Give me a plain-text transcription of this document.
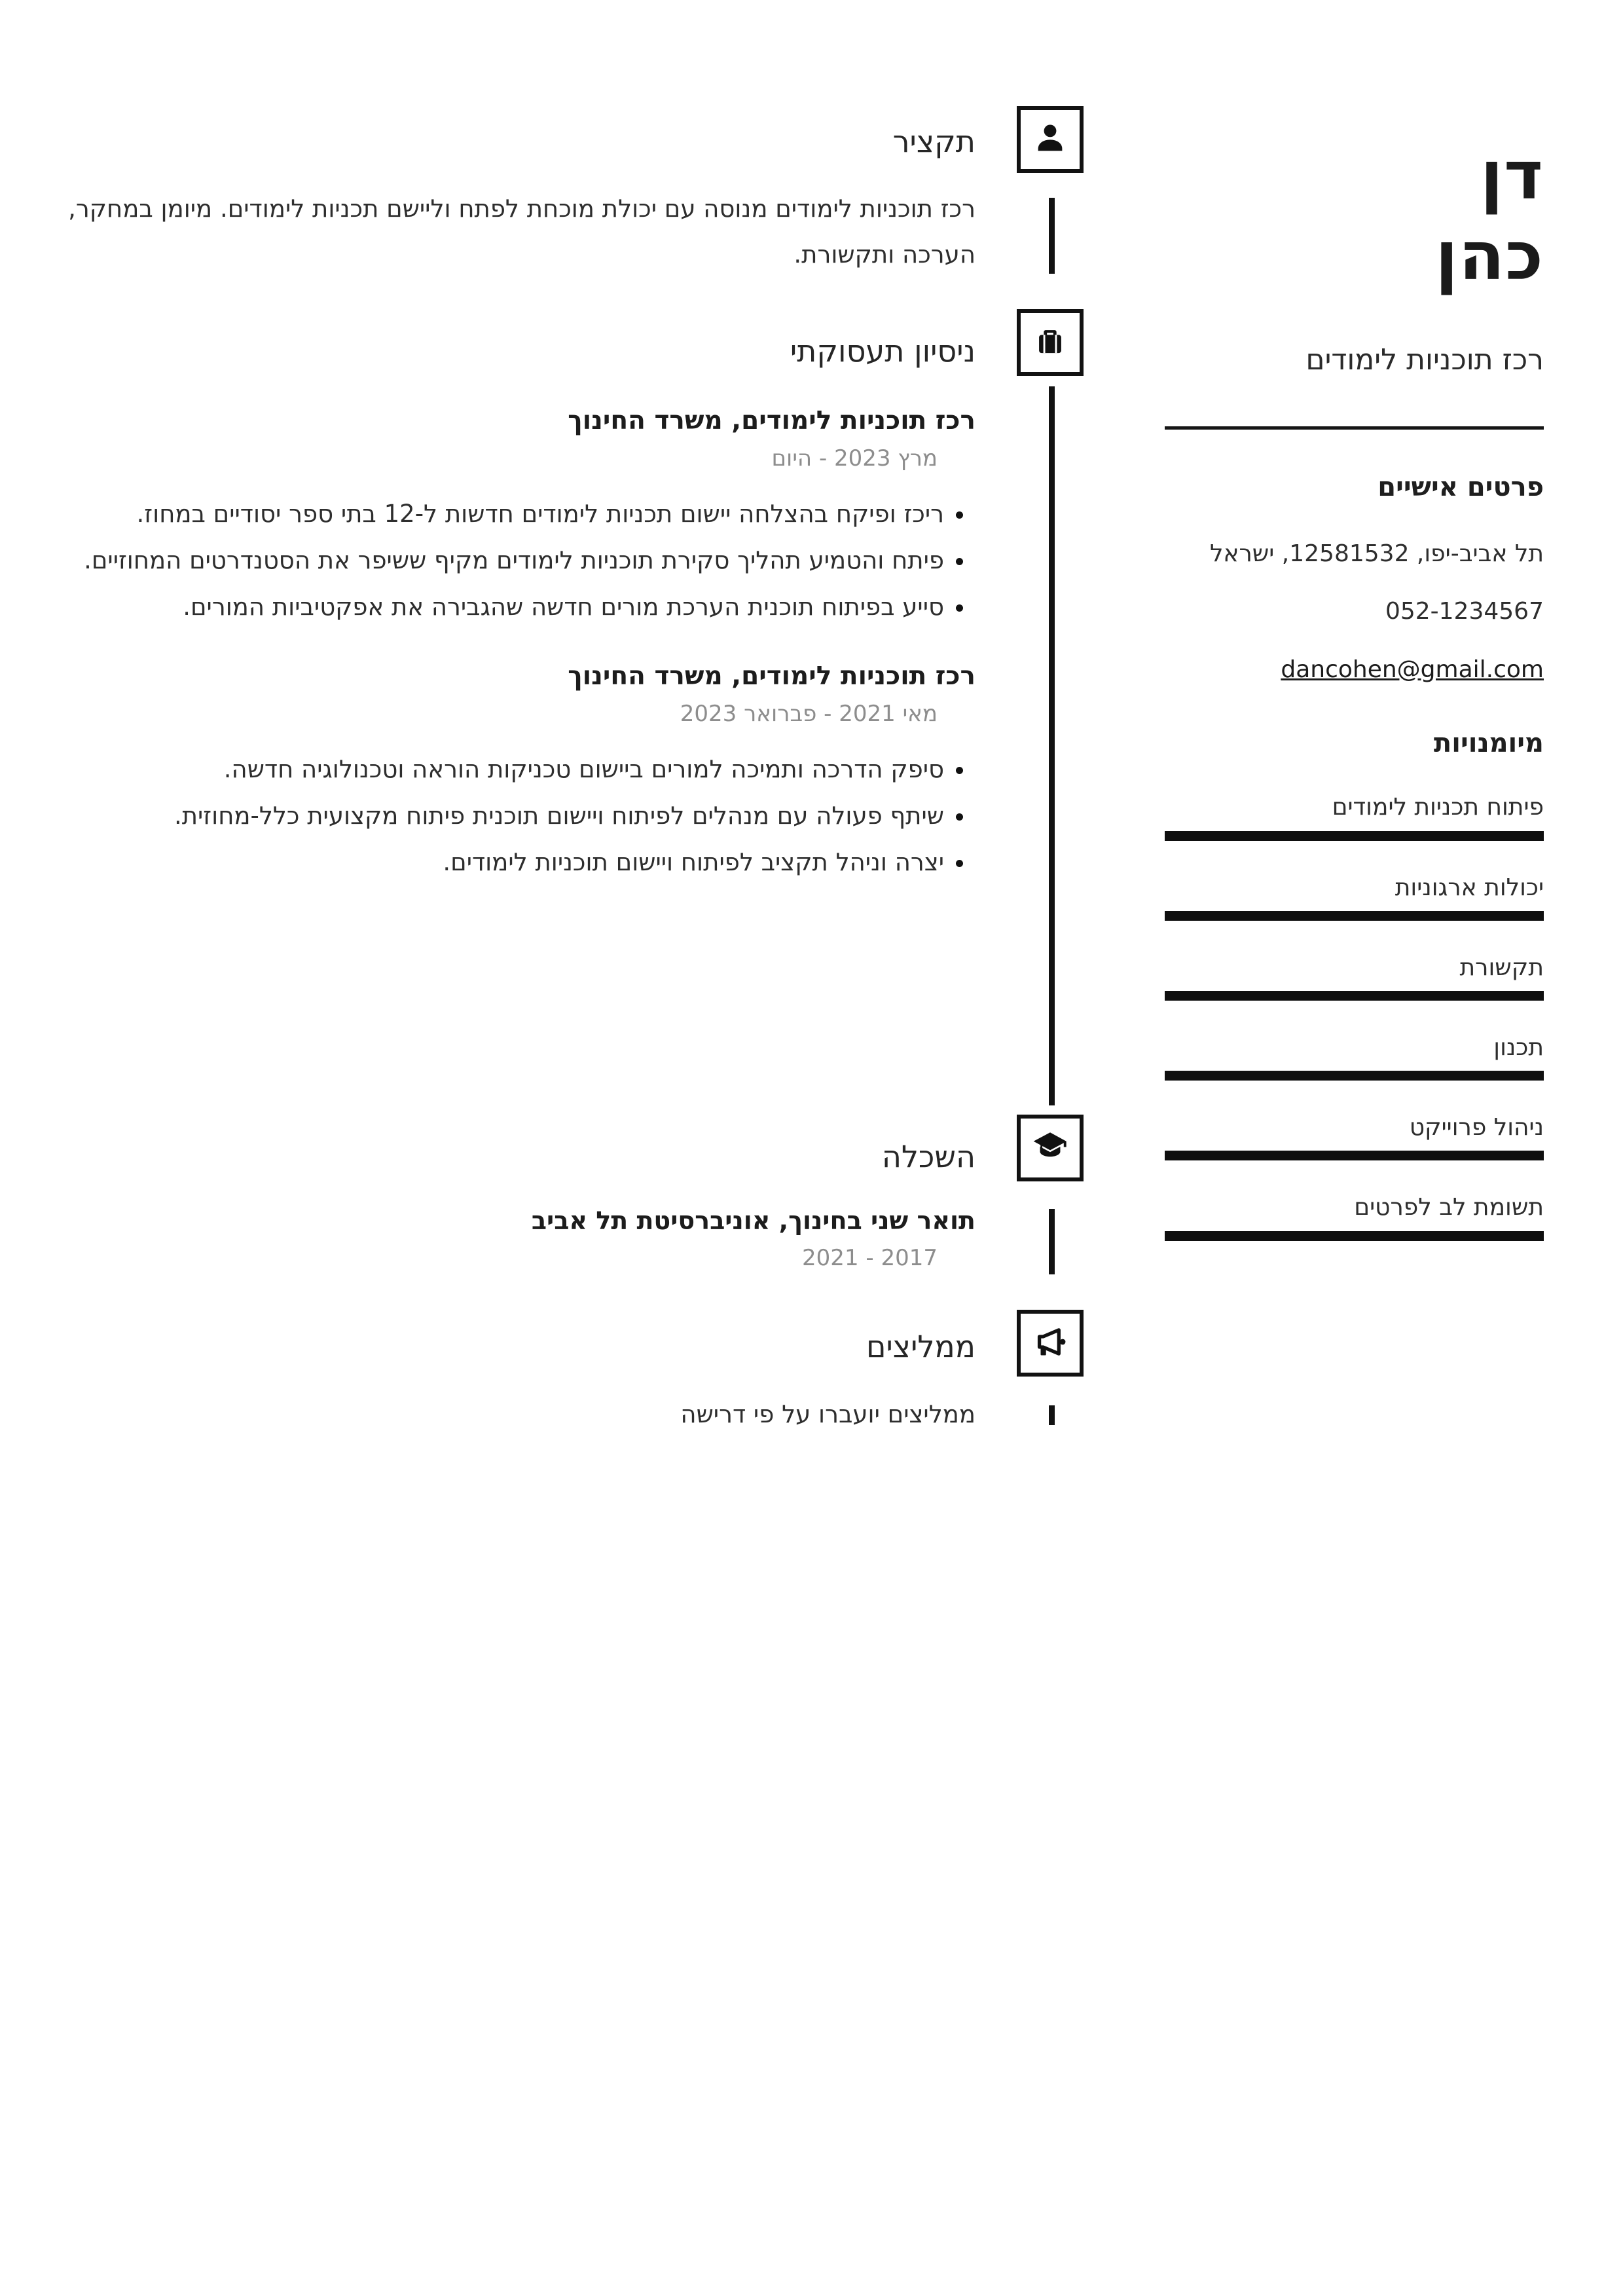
דן
כהן
רכז תוכניות לימודים
פרטים אישיים
תל אביב-יפו, 12581532, ישראל
052-1234567
dancohen@gmail.com
מיומנויות
פיתוח תכניות לימודים
יכולות ארגוניות
תקשורת
תכנון
ניהול פרוייקט
תשומת לב לפרטים
תקציר

רכז תוכניות לימודים מנוסה עם יכולת מוכחת לפתח וליישם תכניות לימודים. מיומן במחקר, הערכה ותקשורת.

ניסיון תעסוקתי
רכז תוכניות לימודים, משרד החינוך
מרץ 2023 - היום
• ריכז ופיקח בהצלחה יישום תכניות לימודים חדשות ל-12 בתי ספר יסודיים במחוז.
• פיתח והטמיע תהליך סקירת תוכניות לימודים מקיף ששיפר את הסטנדרטים המחוזיים.
• סייע בפיתוח תוכנית הערכת מורים חדשה שהגבירה את אפקטיביות המורים.
רכז תוכניות לימודים, משרד החינוך
מאי 2021 - פברואר 2023
• סיפק הדרכה ותמיכה למורים ביישום טכניקות הוראה וטכנולוגיה חדשה.
• שיתף פעולה עם מנהלים לפיתוח ויישום תוכנית פיתוח מקצועית כלל-מחוזית.
• יצרה וניהל תקציב לפיתוח ויישום תוכניות לימודים.
השכלה
תואר שני בחינוך, אוניברסיטת תל אביב
2017 - 2021
ממליצים
ממליצים יועברו על פי דרישה
